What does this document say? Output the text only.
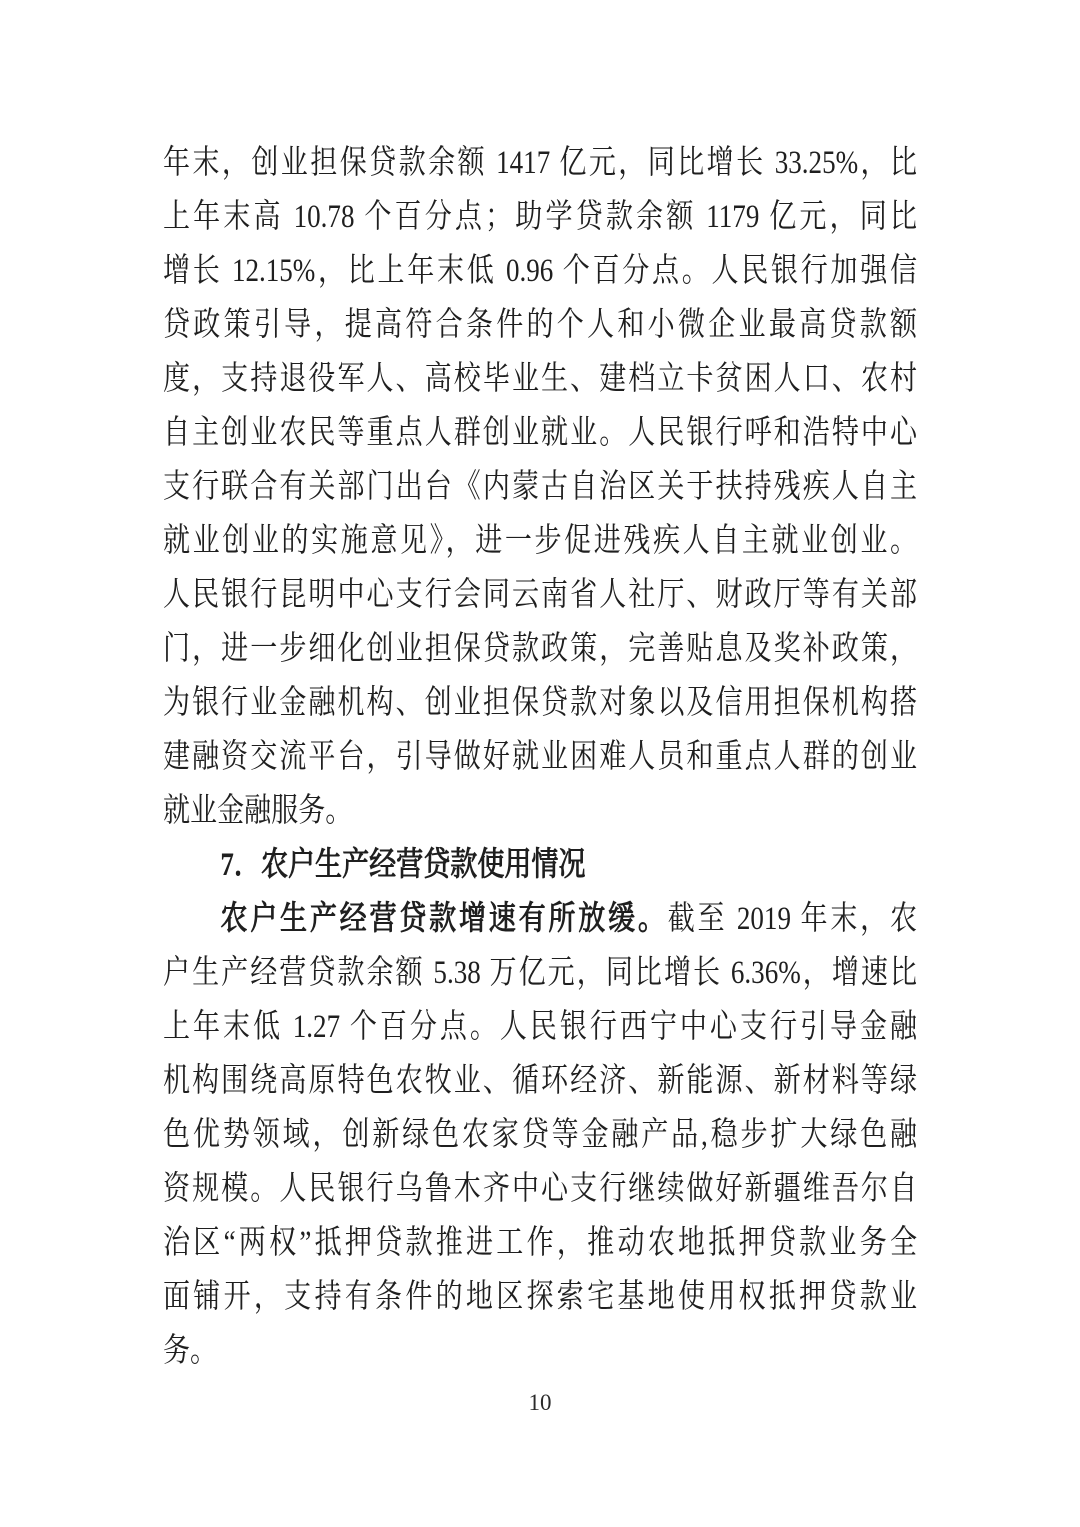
年末，创业担保贷款余额 1417 亿元，同比增长 33.25%，比
上年末高 10.78 个百分点；助学贷款余额 1179 亿元，同比
增长 12.15%，比上年末低 0.96 个百分点。人民银行加强信
贷政策引导，提高符合条件的个人和小微企业最高贷款额
度，支持退役军人、高校毕业生、建档立卡贫困人口、农村
自主创业农民等重点人群创业就业。人民银行呼和浩特中心
支行联合有关部门出台《内蒙古自治区关于扶持残疾人自主
就业创业的实施意见》，进一步促进残疾人自主就业创业。
人民银行昆明中心支行会同云南省人社厅、财政厅等有关部
门，进一步细化创业担保贷款政策，完善贴息及奖补政策，
为银行业金融机构、创业担保贷款对象以及信用担保机构搭
建融资交流平台，引导做好就业困难人员和重点人群的创业
就业金融服务。
7．农户生产经营贷款使用情况
农户生产经营贷款增速有所放缓。截至 2019 年末，农
户生产经营贷款余额 5.38 万亿元，同比增长 6.36%，增速比
上年末低 1.27 个百分点。人民银行西宁中心支行引导金融
机构围绕高原特色农牧业、循环经济、新能源、新材料等绿
色优势领域，创新绿色农家贷等金融产品,稳步扩大绿色融
资规模。人民银行乌鲁木齐中心支行继续做好新疆维吾尔自
治区“两权”抵押贷款推进工作，推动农地抵押贷款业务全
面铺开，支持有条件的地区探索宅基地使用权抵押贷款业
务。
10
